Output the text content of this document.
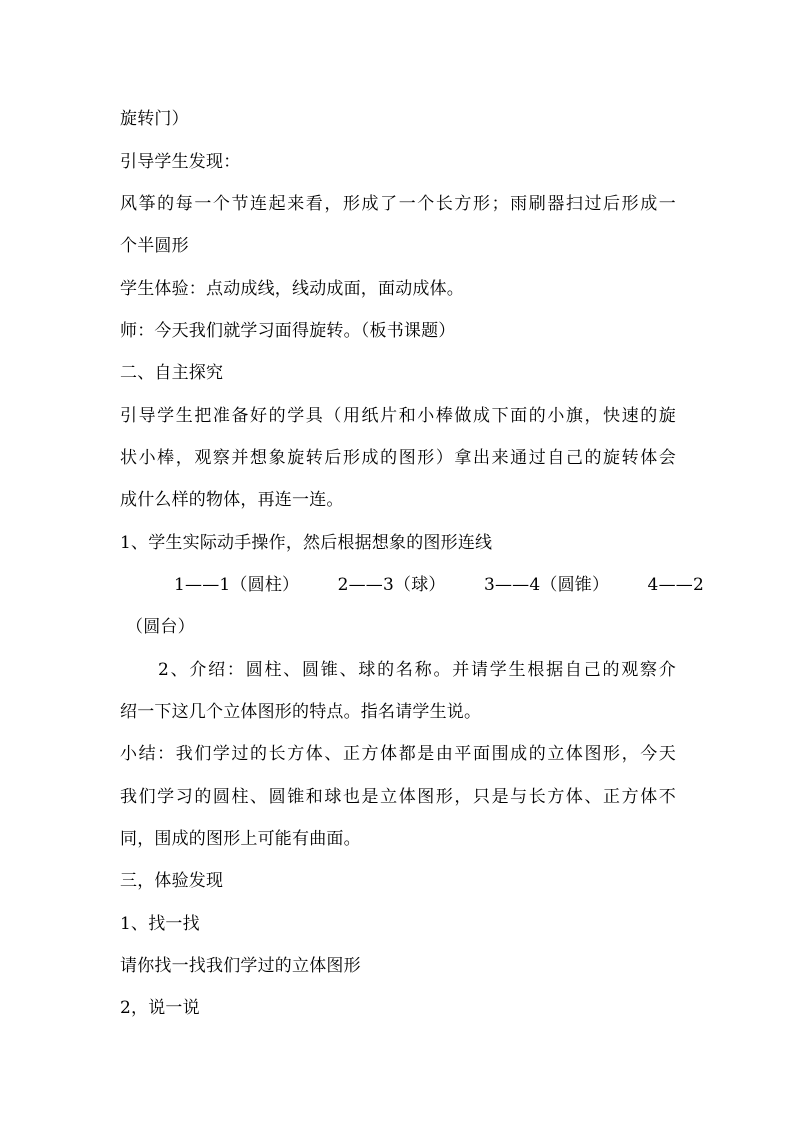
旋转门）
引导学生发现：
风筝的每一个节连起来看，形成了一个长方形；雨刷器扫过后形成一
个半圆形
学生体验：点动成线，线动成面，面动成体。
师：今天我们就学习面得旋转。（板书课题）
二、自主探究
引导学生把准备好的学具（用纸片和小棒做成下面的小旗，快速的旋
状小棒，观察并想象旋转后形成的图形）拿出来通过自己的旋转体会
成什么样的物体，再连一连。
1、学生实际动手操作，然后根据想象的图形连线
1——1（圆柱） 2——3（球） 3——4（圆锥） 4——2
（圆台）
2、介绍：圆柱、圆锥、球的名称。并请学生根据自己的观察介
绍一下这几个立体图形的特点。指名请学生说。
小结：我们学过的长方体、正方体都是由平面围成的立体图形，今天
我们学习的圆柱、圆锥和球也是立体图形，只是与长方体、正方体不
同，围成的图形上可能有曲面。
三，体验发现
1、找一找
请你找一找我们学过的立体图形
2，说一说
